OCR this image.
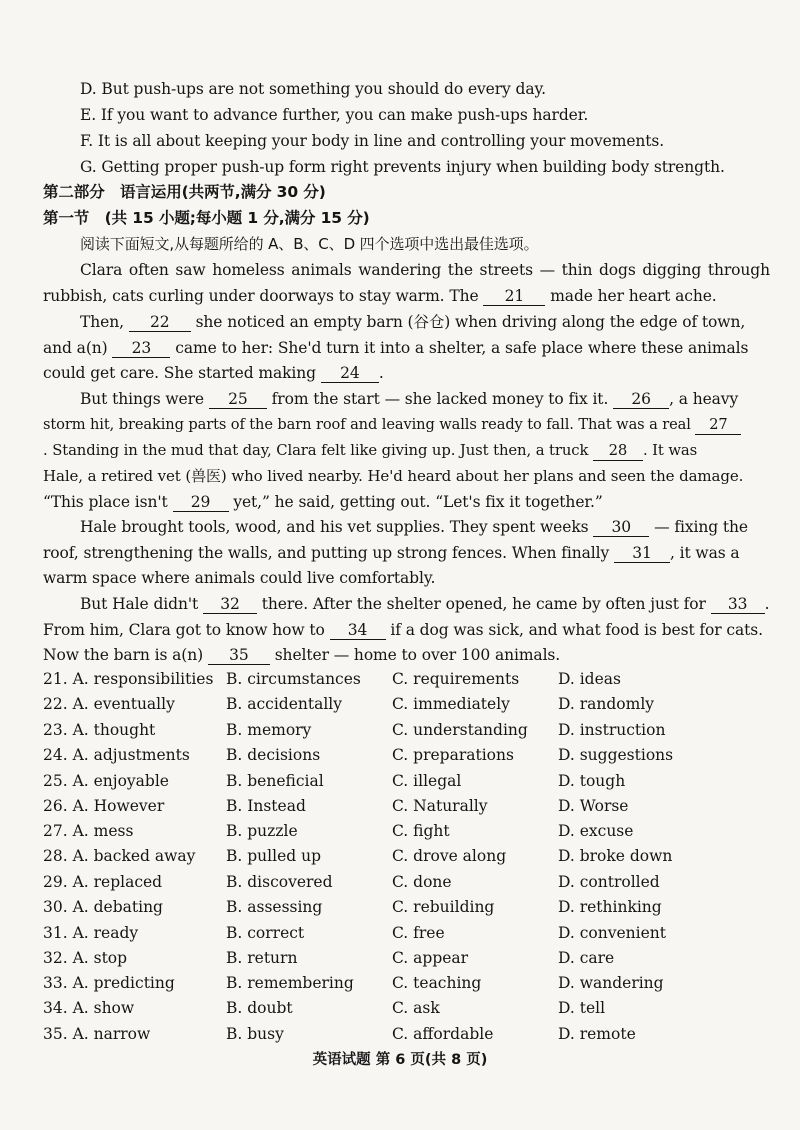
D. But push-ups are not something you should do every day.
E. If you want to advance further, you can make push-ups harder.
F. It is all about keeping your body in line and controlling your movements.
G. Getting proper push-up form right prevents injury when building body strength.
第二部分　语言运用(共两节,满分 30 分)
第一节　(共 15 小题;每小题 1 分,满分 15 分)
阅读下面短文,从每题所给的 A、B、C、D 四个选项中选出最佳选项。
Clara often saw homeless animals wandering the streets — thin dogs digging through
rubbish, cats curling under doorways to stay warm. The 21 made her heart ache.
Then, 22 she noticed an empty barn (谷仓) when driving along the edge of town,
and a(n) 23 came to her: She'd turn it into a shelter, a safe place where these animals
could get care. She started making 24 .
But things were 25 from the start — she lacked money to fix it. 26 , a heavy
storm hit, breaking parts of the barn roof and leaving walls ready to fall. That was a real 27
. Standing in the mud that day, Clara felt like giving up. Just then, a truck 28 . It was
Hale, a retired vet (兽医) who lived nearby. He'd heard about her plans and seen the damage.
“This place isn't 29 yet,” he said, getting out. “Let's fix it together.”
Hale brought tools, wood, and his vet supplies. They spent weeks 30 — fixing the
roof, strengthening the walls, and putting up strong fences. When finally 31 , it was a
warm space where animals could live comfortably.
But Hale didn't 32 there. After the shelter opened, he came by often just for 33 .
From him, Clara got to know how to 34 if a dog was sick, and what food is best for cats.
Now the barn is a(n) 35 shelter — home to over 100 animals.
21. A. responsibilities B. circumstances C. requirements	D. ideas
22. A. eventually	B. accidentally	C. immediately	D. randomly
23. A. thought	B. memory	C. understanding D. instruction
24. A. adjustments B. decisions	C. preparations	D. suggestions
25. A. enjoyable	B. beneficial	C. illegal	D. tough
26. A. However	B. Instead	C. Naturally	D. Worse
27. A. mess	B. puzzle	C. fight	D. excuse
28. A. backed away B. pulled up	C. drove along	D. broke down
29. A. replaced	B. discovered	C. done	D. controlled
30. A. debating	B. assessing	C. rebuilding	D. rethinking
31. A. ready	B. correct	C. free	D. convenient
32. A. stop	B. return	C. appear	D. care
33. A. predicting	B. remembering C. teaching	D. wandering
34. A. show	B. doubt	C. ask	D. tell
35. A. narrow	B. busy	C. affordable	D. remote
英语试题 第 6 页(共 8 页)
